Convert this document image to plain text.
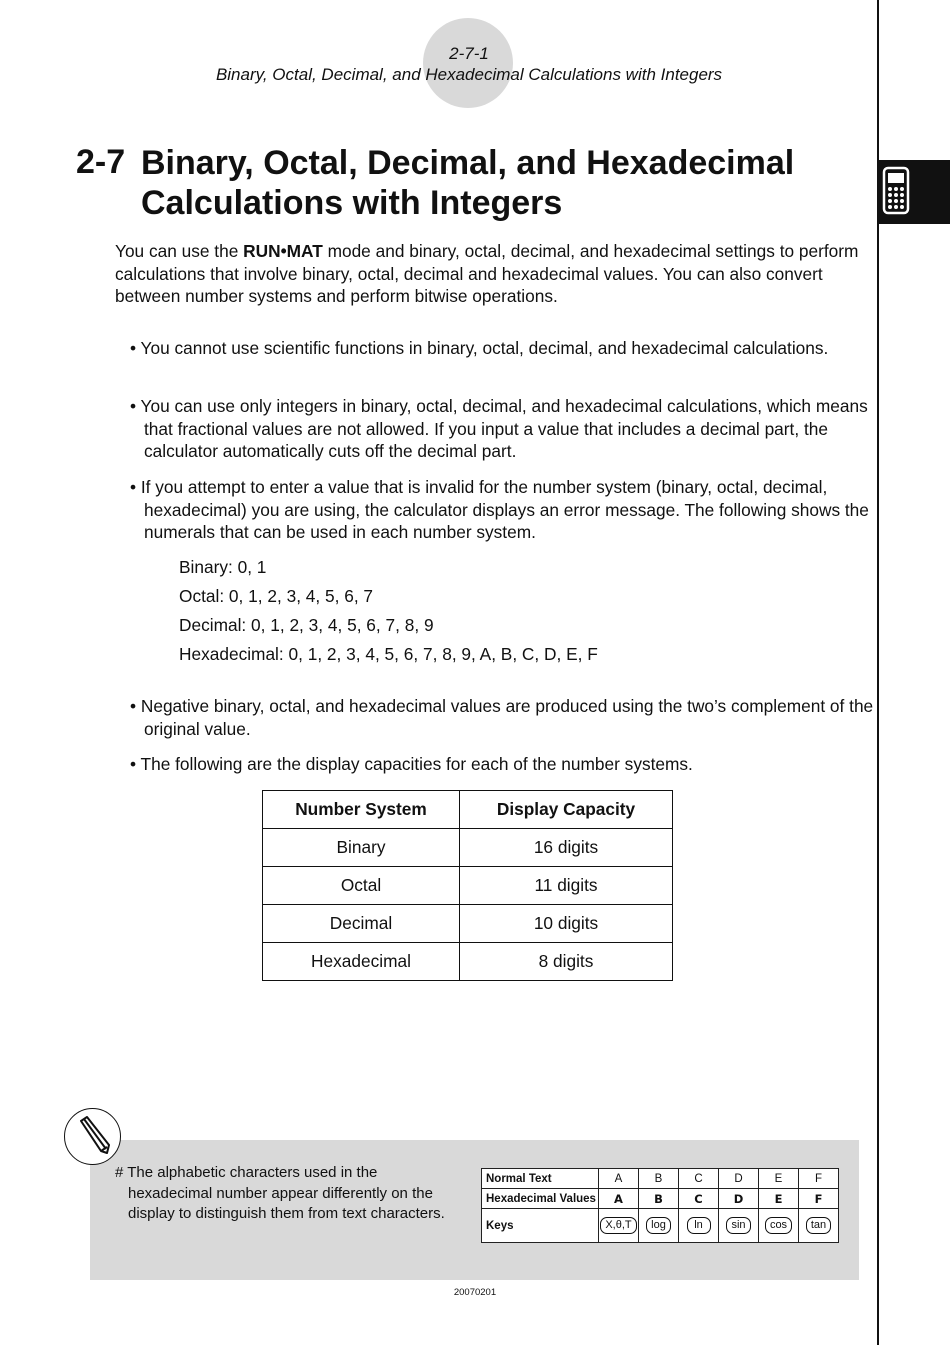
2-7-1
Binary, Octal, Decimal, and Hexadecimal Calculations with Integers
2-7 Binary, Octal, Decimal, and Hexadecimal
Calculations with Integers
You can use the RUN•MAT mode and binary, octal, decimal, and hexadecimal settings to perform calculations that involve binary, octal, decimal and hexadecimal values. You can also convert between number systems and perform bitwise operations.
• You cannot use scientific functions in binary, octal, decimal, and hexadecimal calculations.
• You can use only integers in binary, octal, decimal, and hexadecimal calculations, which means that fractional values are not allowed. If you input a value that includes a decimal part, the calculator automatically cuts off the decimal part.
• If you attempt to enter a value that is invalid for the number system (binary, octal, decimal, hexadecimal) you are using, the calculator displays an error message. The following shows the numerals that can be used in each number system.
Binary: 0, 1
Octal: 0, 1, 2, 3, 4, 5, 6, 7
Decimal: 0, 1, 2, 3, 4, 5, 6, 7, 8, 9
Hexadecimal: 0, 1, 2, 3, 4, 5, 6, 7, 8, 9, A, B, C, D, E, F
• Negative binary, octal, and hexadecimal values are produced using the two’s complement of the original value.
• The following are the display capacities for each of the number systems.
Number System	Display Capacity
Binary	16 digits
Octal	11 digits
Decimal	10 digits
Hexadecimal	8 digits
# The alphabetic characters used in the hexadecimal number appear differently on the display to distinguish them from text characters.
Normal Text	A	B	C	D	E	F
Hexadecimal Values	A	B	C	D	E	F
Keys	X,θ,T	log	ln	sin	cos	tan
20070201
